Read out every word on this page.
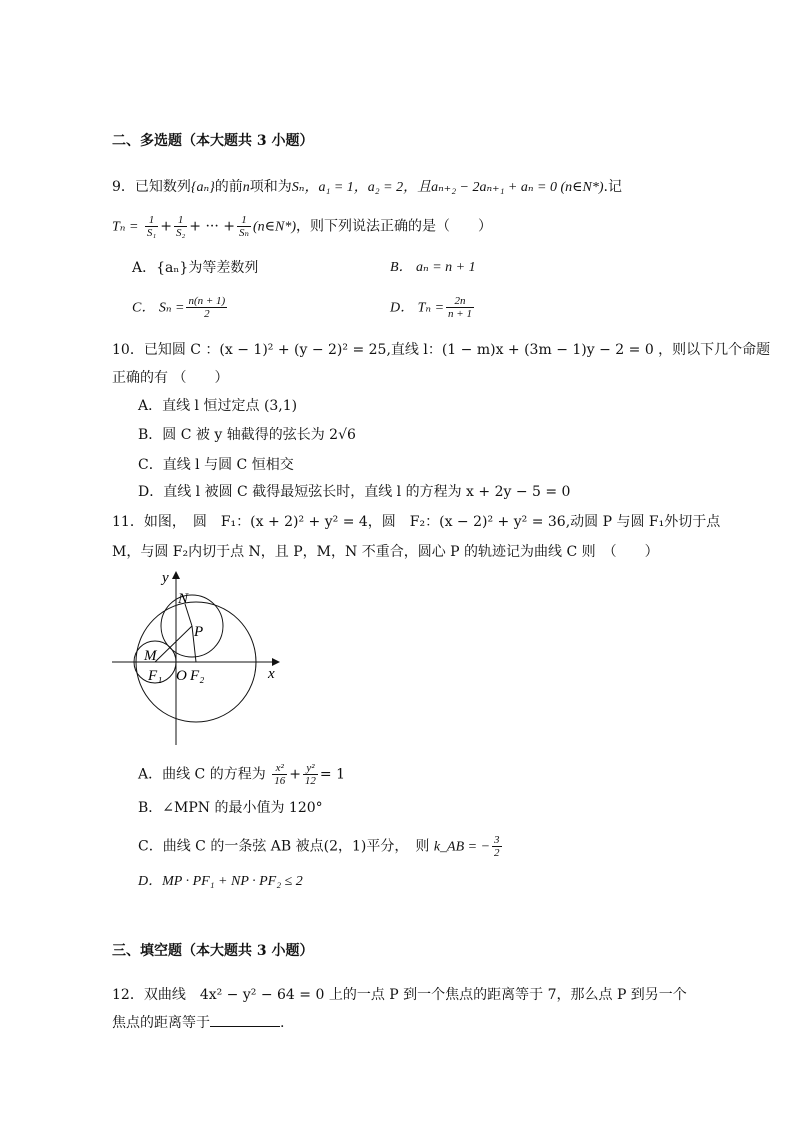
二、多选题（本大题共 3 小题）
9．已知数列{aₙ}的前n项和为Sₙ，a₁ = 1，a₂ = 2，且aₙ₊₂ − 2aₙ₊₁ + aₙ = 0 (n∈N*).记
$T_n = \frac{1}{\text{S₁}} + \frac{1}{\text{S₂}}$ + ··· + $\frac{1}{\text{Sₙ}}$ (n∈N*)，则下列说法正确的是（　　）
A．{aₙ}为等差数列	B． aₙ = n + 1
C． $S_n = \frac{n(n + 1)}{2}$	D． $T_n = \frac{2n}{n + 1}$
10．已知圆 C ：(x − 1)² + (y − 2)² = 25,直线 l：(1 − m)x + (3m − 1)y − 2 = 0 ，则以下几个命题
正确的有 （　　）
A．直线 l 恒过定点 (3,1)
B．圆 C 被 y 轴截得的弦长为 2√6
C．直线 l 与圆 C 恒相交
D．直线 l 被圆 C 截得最短弦长时，直线 l 的方程为 x + 2y − 5 = 0
11．如图，　圆　F₁：(x + 2)² + y² = 4，圆　F₂：(x − 2)² + y² = 36,动圆 P 与圆 F₁外切于点
M，与圆 F₂内切于点 N，且 P，M，N 不重合，圆心 P 的轨迹记为曲线 C 则　（　　）
y
x
N
P
M
F₁ O F₂
A．曲线 C 的方程为 $\frac{\text{x²}}{16} + \frac{\text{y²}}{12} = 1$
B．∠MPN 的最小值为 120°
C．曲线 C 的一条弦 AB 被点(2，1)平分，　则 k_AB = − $\frac{3}{2}$
D．MP · PF₁ + NP · PF₂ ≤ 2
三、填空题（本大题共 3 小题）
12．双曲线　4x² − y² − 64 = 0 上的一点 P 到一个焦点的距离等于 7，那么点 P 到另一个
焦点的距离等于	.
